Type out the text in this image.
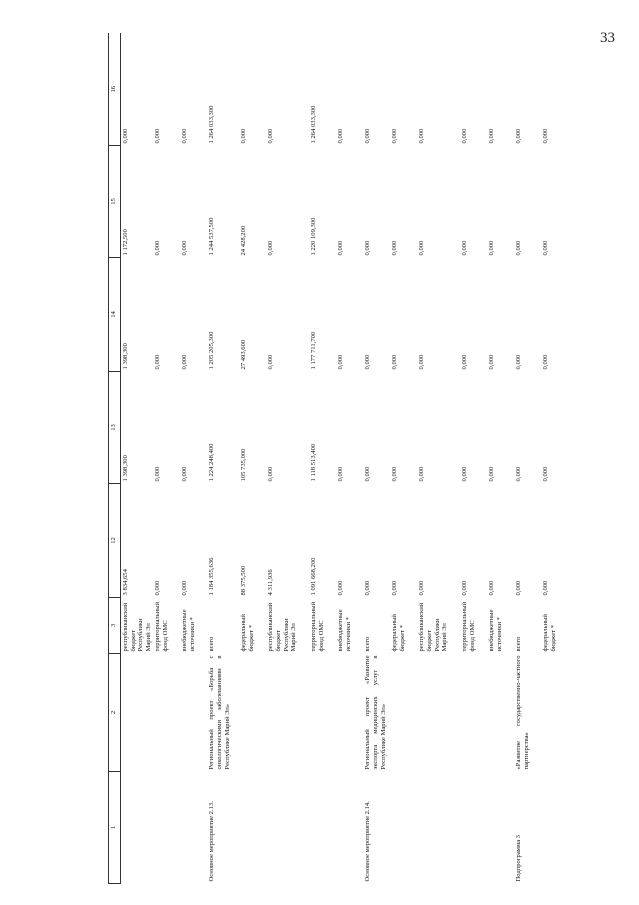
33
1	2	3	12	13	14	15	16
		республиканский бюджет Республики Марий Эл	3 834,654	1 398,300	1 398,300	1 172,500	0,000
		территориальный фонд ОМС	0,000	0,000	0,000	0,000	0,000
		внебюджетные источники *	0,000	0,000	0,000	0,000	0,000
Основное мероприятие 2.13.	Региональный проект «Борьба с онкологическими заболеваниями в Республике Марий Эл»	всего	1 184 355,636	1 224 248,400	1 205 205,300	1 244 537,500	1 264 033,300
		федеральный бюджет *	88 375,500	105 735,000	27 493,600	24 428,200	0,000
		республиканский бюджет Республики Марий Эл	4 311,936	0,000	0,000	0,000	0,000
		территориальный фонд ОМС	1 091 668,200	1 118 513,400	1 177 711,700	1 220 109,300	1 264 033,300
		внебюджетные источники *	0,000	0,000	0,000	0,000	0,000
Основное мероприятие 2.14.	Региональный проект «Развитие экспорта медицинских услуг в Республике Марий Эл»	всего	0,000	0,000	0,000	0,000	0,000
		федеральный бюджет *	0,000	0,000	0,000	0,000	0,000
		республиканский бюджет Республики Марий Эл	0,000	0,000	0,000	0,000	0,000
		территориальный фонд ОМС	0,000	0,000	0,000	0,000	0,000
		внебюджетные источники *	0,000	0,000	0,000	0,000	0,000
Подпрограмма 3	«Развитие государственно-частного партнерства»	всего	0,000	0,000	0,000	0,000	0,000
		федеральный бюджет *	0,000	0,000	0,000	0,000	0,000
